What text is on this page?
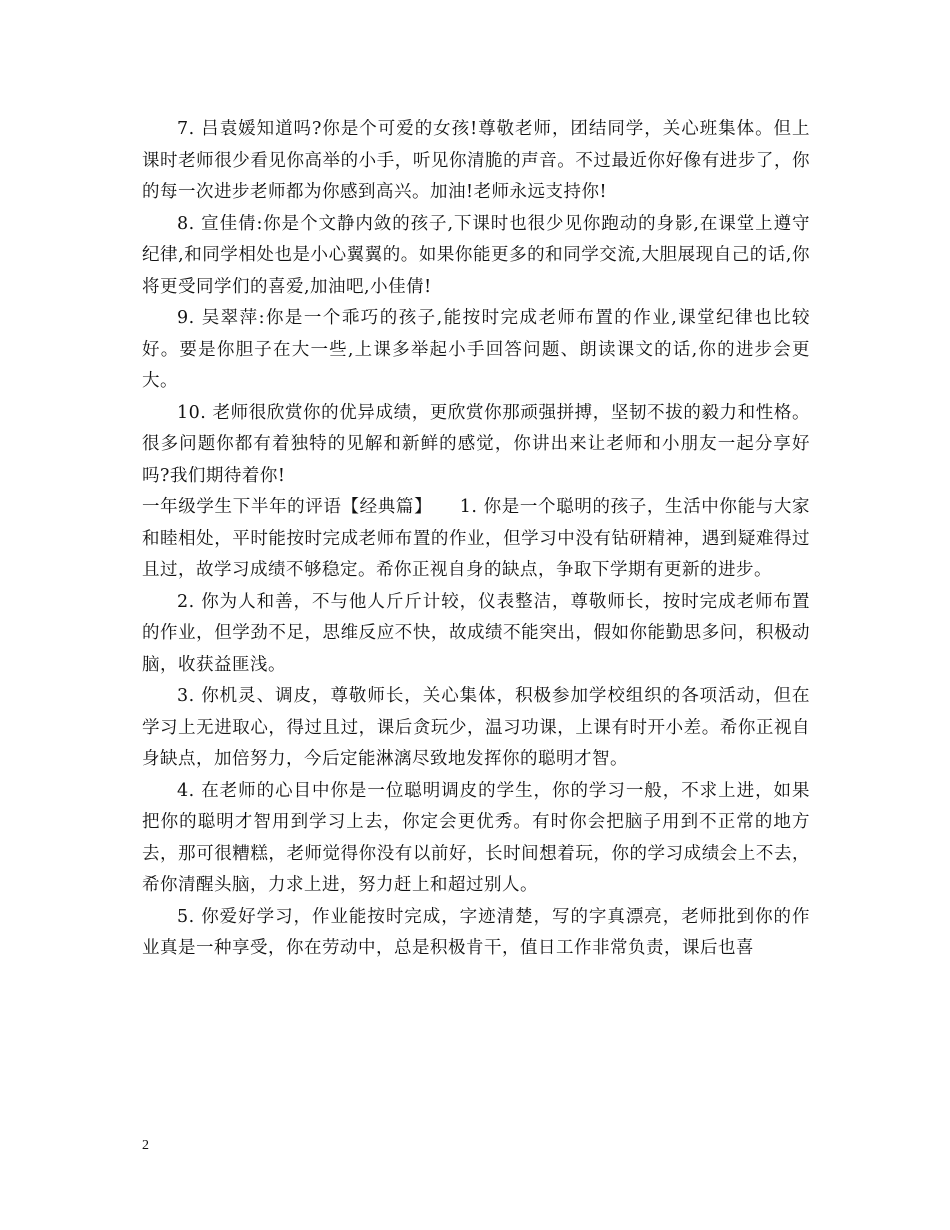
7. 吕袁媛知道吗?你是个可爱的女孩!尊敬老师，团结同学，关心班集体。但上课时老师很少看见你高举的小手，听见你清脆的声音。不过最近你好像有进步了，你的每一次进步老师都为你感到高兴。加油!老师永远支持你!

8. 宣佳倩:你是个文静内敛的孩子,下课时也很少见你跑动的身影,在课堂上遵守纪律,和同学相处也是小心翼翼的。如果你能更多的和同学交流,大胆展现自己的话,你将更受同学们的喜爱,加油吧,小佳倩!

9. 吴翠萍:你是一个乖巧的孩子,能按时完成老师布置的作业,课堂纪律也比较好。要是你胆子在大一些,上课多举起小手回答问题、朗读课文的话,你的进步会更大。

10. 老师很欣赏你的优异成绩，更欣赏你那顽强拼搏，坚韧不拔的毅力和性格。很多问题你都有着独特的见解和新鲜的感觉，你讲出来让老师和小朋友一起分享好吗?我们期待着你!

一年级学生下半年的评语【经典篇】　　1. 你是一个聪明的孩子，生活中你能与大家和睦相处，平时能按时完成老师布置的作业，但学习中没有钻研精神，遇到疑难得过且过，故学习成绩不够稳定。希你正视自身的缺点，争取下学期有更新的进步。

2. 你为人和善，不与他人斤斤计较，仪表整洁，尊敬师长，按时完成老师布置的作业，但学劲不足，思维反应不快，故成绩不能突出，假如你能勤思多问，积极动脑，收获益匪浅。

3. 你机灵、调皮，尊敬师长，关心集体，积极参加学校组织的各项活动，但在学习上无进取心，得过且过，课后贪玩少，温习功课，上课有时开小差。希你正视自身缺点，加倍努力，今后定能淋漓尽致地发挥你的聪明才智。

4. 在老师的心目中你是一位聪明调皮的学生，你的学习一般，不求上进，如果把你的聪明才智用到学习上去，你定会更优秀。有时你会把脑子用到不正常的地方去，那可很糟糕，老师觉得你没有以前好，长时间想着玩，你的学习成绩会上不去，希你清醒头脑，力求上进，努力赶上和超过别人。

5. 你爱好学习，作业能按时完成，字迹清楚，写的字真漂亮，老师批到你的作业真是一种享受，你在劳动中，总是积极肯干，值日工作非常负责，课后也喜

2
